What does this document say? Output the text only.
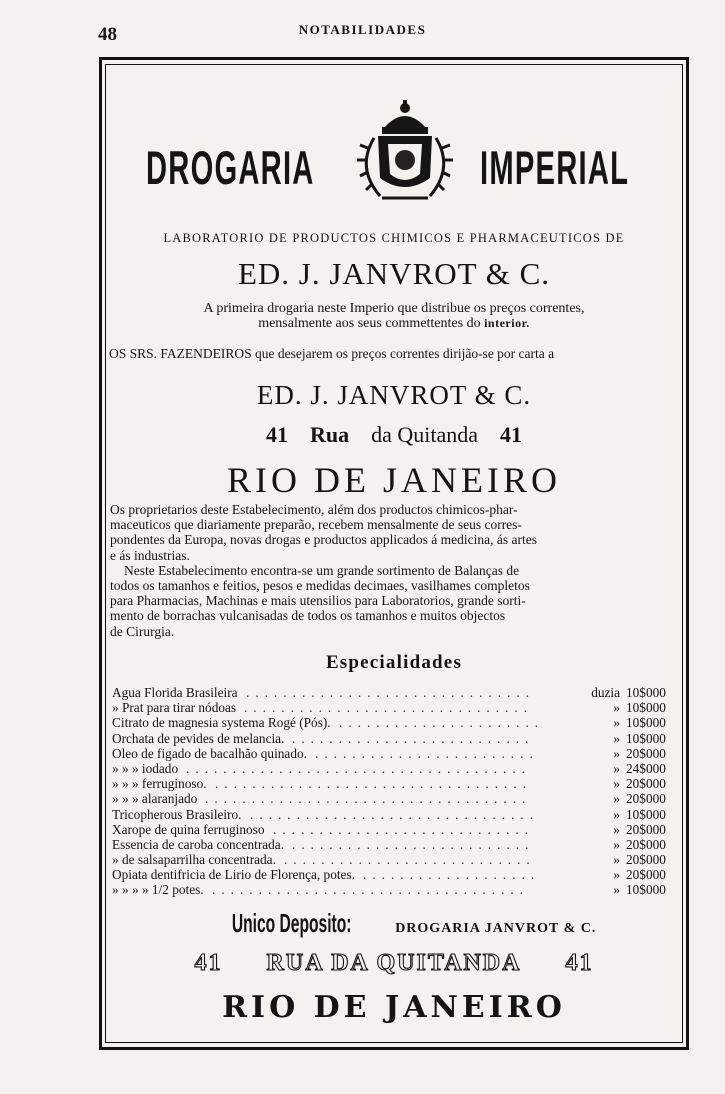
48	NOTABILIDADES
DROGARIA	IMPERIAL
LABORATORIO DE PRODUCTOS CHIMICOS E PHARMACEUTICOS DE
ED. J. JANVROT & C.
A primeira drogaria neste Imperio que distribue os preços correntes,
mensalmente aos seus commettentes do interior.
OS SRS. FAZENDEIROS que desejarem os preços correntes dirijão-se por carta a
ED. J. JANVROT & C.
41 Rua da Quitanda 41
RIO DE JANEIRO
Os proprietarios deste Estabelecimento, além dos productos chimicos-phar-
maceuticos que diariamente preparão, recebem mensalmente de seus corres-
pondentes da Europa, novas drogas e productos applicados á medicina, ás artes
e ás industrias.
Neste Estabelecimento encontra-se um grande sortimento de Balanças de
todos os tamanhos e feitios, pesos e medidas decimaes, vasilhames completos
para Pharmacias, Machinas e mais utensilios para Laboratorios, grande sorti-
mento de borrachas vulcanisadas de todos os tamanhos e muitos objectos
de Cirurgia.
Especialidades
Agua Florida Brasileira	duzia 10$000
...............................
» Prat para tirar nódoas	» 10$000
...............................
Citrato de magnesia systema Rogé (Pós).	» 10$000
......................
Orchata de pevides de melancia.	» 10$000
..........................
Oleo de figado de bacalhão quinado.	» 20$000
........................
» » » iodado	» 24$000
.....................................
» » » ferruginoso.	» 20$000
..................................
» » » alaranjado	» 20$000
...................................
Tricopherous Brasileiro.	» 10$000
...............................
Xarope de quina ferruginoso	» 20$000
............................
Essencia de caroba concentrada.	» 20$000
..........................
» de salsaparrilha concentrada.	» 20$000
...........................
Opiata dentifricia de Lirio de Florença, potes.	» 20$000
...................
» » » » 1/2 potes.	» 10$000
..................................
Unico Deposito:	DROGARIA JANVROT & C.
41 RUA DA QUITANDA 41
RIO DE JANEIRO
